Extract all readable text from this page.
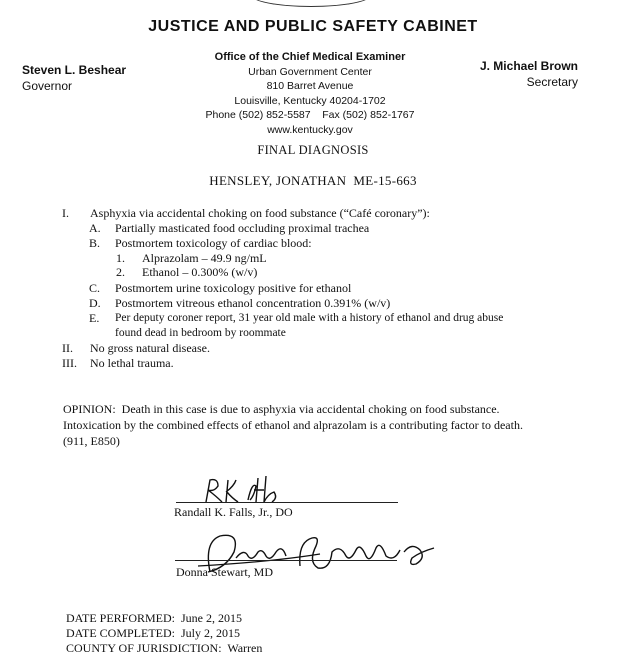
JUSTICE AND PUBLIC SAFETY CABINET
Steven L. Beshear
Governor
Office of the Chief Medical Examiner
Urban Government Center
810 Barret Avenue
Louisville, Kentucky 40204-1702
Phone (502) 852-5587    Fax (502) 852-1767
www.kentucky.gov
J. Michael Brown
Secretary
FINAL DIAGNOSIS
HENSLEY, JONATHAN  ME-15-663
I. Asphyxia via accidental choking on food substance (“Café coronary”):
A. Partially masticated food occluding proximal trachea
B. Postmortem toxicology of cardiac blood:
1. Alprazolam – 49.9 ng/mL
2. Ethanol – 0.300% (w/v)
C. Postmortem urine toxicology positive for ethanol
D. Postmortem vitreous ethanol concentration 0.391% (w/v)
E. Per deputy coroner report, 31 year old male with a history of ethanol and drug abuse
found dead in bedroom by roommate
II. No gross natural disease.
III. No lethal trauma.
OPINION:  Death in this case is due to asphyxia via accidental choking on food substance.
Intoxication by the combined effects of ethanol and alprazolam is a contributing factor to death.
(911, E850)
Randall K. Falls, Jr., DO
Donna Stewart, MD
DATE PERFORMED:  June 2, 2015
DATE COMPLETED:  July 2, 2015
COUNTY OF JURISDICTION:  Warren
